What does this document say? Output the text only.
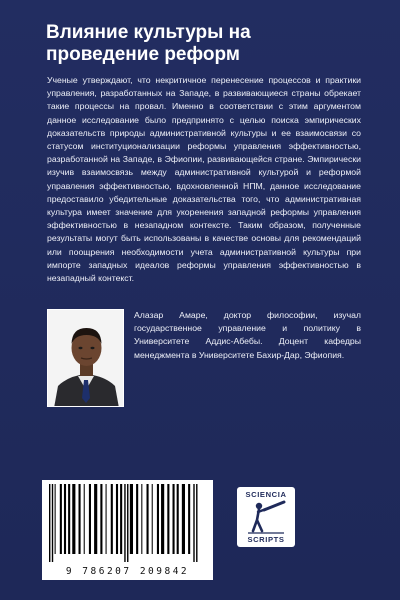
Влияние культуры на проведение реформ
Ученые утверждают, что некритичное перенесение процессов и практики управления, разработанных на Западе, в развивающиеся страны обрекает такие процессы на провал. Именно в соответствии с этим аргументом данное исследование было предпринято с целью поиска эмпирических доказательств природы административной культуры и ее взаимосвязи со статусом институционализации реформы управления эффективностью, разработанной на Западе, в Эфиопии, развивающейся стране. Эмпирически изучив взаимосвязь между административной культурой и реформой управления эффективностью, вдохновленной НПМ, данное исследование предоставило убедительные доказательства того, что административная культура имеет значение для укоренения западной реформы управления эффективностью в незападном контексте. Таким образом, полученные результаты могут быть использованы в качестве основы для рекомендаций или поощрения необходимости учета административной культуры при импорте западных идеалов реформы управления эффективностью в незападный контекст.
Алазар Амаре, доктор философии, изучал государственное управление и политику в Университете Аддис-Абебы. Доцент кафедры менеджмента в Университете Бахир-Дар, Эфиопия.
9 786207 209842
SCIENCIA
SCRIPTS
